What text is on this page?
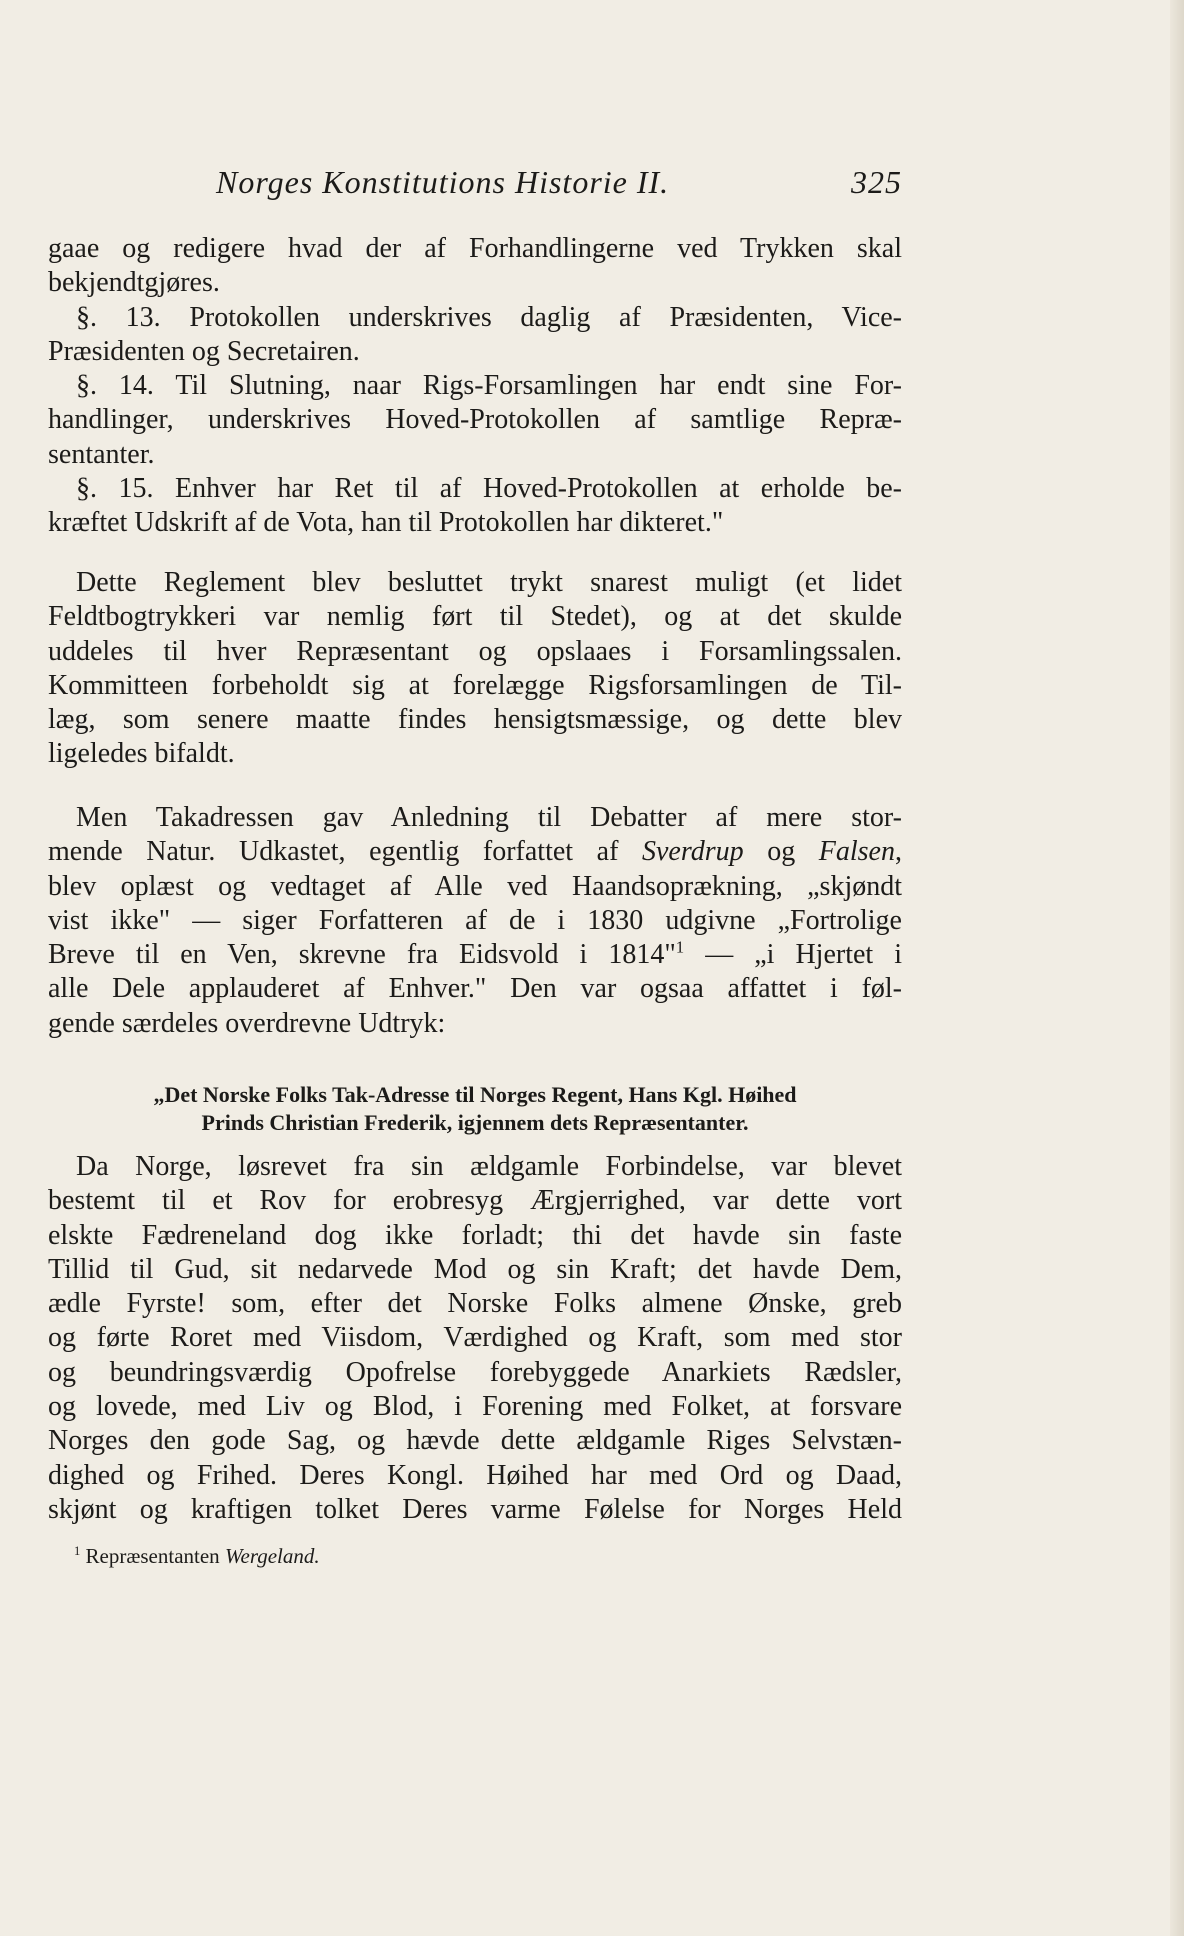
Norges Konstitutions Historie II.	325
gaae og redigere hvad der af Forhandlingerne ved Trykken skal
bekjendtgjøres.
§. 13. Protokollen underskrives daglig af Præsidenten, Vice-
Præsidenten og Secretairen.
§. 14. Til Slutning, naar Rigs-Forsamlingen har endt sine For-
handlinger, underskrives Hoved-Protokollen af samtlige Repræ-
sentanter.
§. 15. Enhver har Ret til af Hoved-Protokollen at erholde be-
kræftet Udskrift af de Vota, han til Protokollen har dikteret."
Dette Reglement blev besluttet trykt snarest muligt (et lidet
Feldtbogtrykkeri var nemlig ført til Stedet), og at det skulde
uddeles til hver Repræsentant og opslaaes i Forsamlingssalen.
Kommitteen forbeholdt sig at forelægge Rigsforsamlingen de Til-
læg, som senere maatte findes hensigtsmæssige, og dette blev
ligeledes bifaldt.
Men Takadressen gav Anledning til Debatter af mere stor-
mende Natur. Udkastet, egentlig forfattet af Sverdrup og Falsen,
blev oplæst og vedtaget af Alle ved Haandsoprækning, „skjøndt
vist ikke" — siger Forfatteren af de i 1830 udgivne „Fortrolige
Breve til en Ven, skrevne fra Eidsvold i 1814"$^1$ — „i Hjertet i
alle Dele applauderet af Enhver." Den var ogsaa affattet i føl-
gende særdeles overdrevne Udtryk:
„Det Norske Folks Tak-Adresse til Norges Regent, Hans Kgl. Høihed
Prinds Christian Frederik, igjennem dets Repræsentanter.
Da Norge, løsrevet fra sin ældgamle Forbindelse, var blevet
bestemt til et Rov for erobresyg Ærgjerrighed, var dette vort
elskte Fædreneland dog ikke forladt; thi det havde sin faste
Tillid til Gud, sit nedarvede Mod og sin Kraft; det havde Dem,
ædle Fyrste! som, efter det Norske Folks almene Ønske, greb
og førte Roret med Viisdom, Værdighed og Kraft, som med stor
og beundringsværdig Opofrelse forebyggede Anarkiets Rædsler,
og lovede, med Liv og Blod, i Forening med Folket, at forsvare
Norges den gode Sag, og hævde dette ældgamle Riges Selvstæn-
dighed og Frihed. Deres Kongl. Høihed har med Ord og Daad,
skjønt og kraftigen tolket Deres varme Følelse for Norges Held
$^1$ Repræsentanten Wergeland.
